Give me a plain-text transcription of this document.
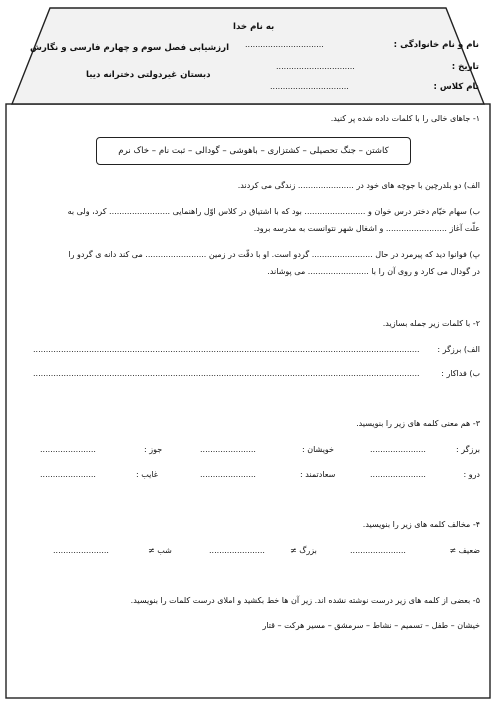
به نام خدا
ارزشیابی فصل سوم و چهارم فارسی و نگارش
دبستان غیردولتی دخترانه دیبا
نام و نام خانوادگی :
...............................
تاریخ :
...............................
نام کلاس :
...............................
۱- جاهای خالی را با کلمات داده شده پر کنید.
کاشتن – جنگ تحصیلی – کشتزاری – باهوشی – گودالی – ثبت نام – خاک نرم
الف) دو بلدرچین با جوچه های خود در ...................... زندگی می کردند.
ب) سهام خیّام دختر درس خوان و ........................ بود که با اشتیاق در کلاس اوّل راهنمایی ........................ کرد، ولی به
علّت آغاز ........................ و اشغال شهر نتوانست به مدرسه برود.
پ) فوانوا دید که پیرمرد در حال ........................ گردو است. او با دقّت در زمین ........................ می کند دانه ی گردو را
در گودال می کارد و روی آن را با ........................ می پوشاند.
۲- با کلمات زیر جمله بسازید.
الف) برزگر :
........................................................................................................................................................
ب) فداکار :
........................................................................................................................................................
۳- هم معنی کلمه های زیر را بنویسید.
برزگر :
......................
خویشان :
......................
جوز :
......................
درو :
......................
سعادتمند :
......................
غایب :
......................
۴- مخالف کلمه های زیر را بنویسید.
ضعیف ≠
......................
بزرگ ≠
......................
شب ≠
......................
۵- بعضی از کلمه های زیر درست نوشته نشده اند. زیر آن ها خط بکشید و املای درست کلمات را بنویسید.
خیشان – طفل – تسمیم – نشاط – سرمشق – مسیر هرکت – قتار
